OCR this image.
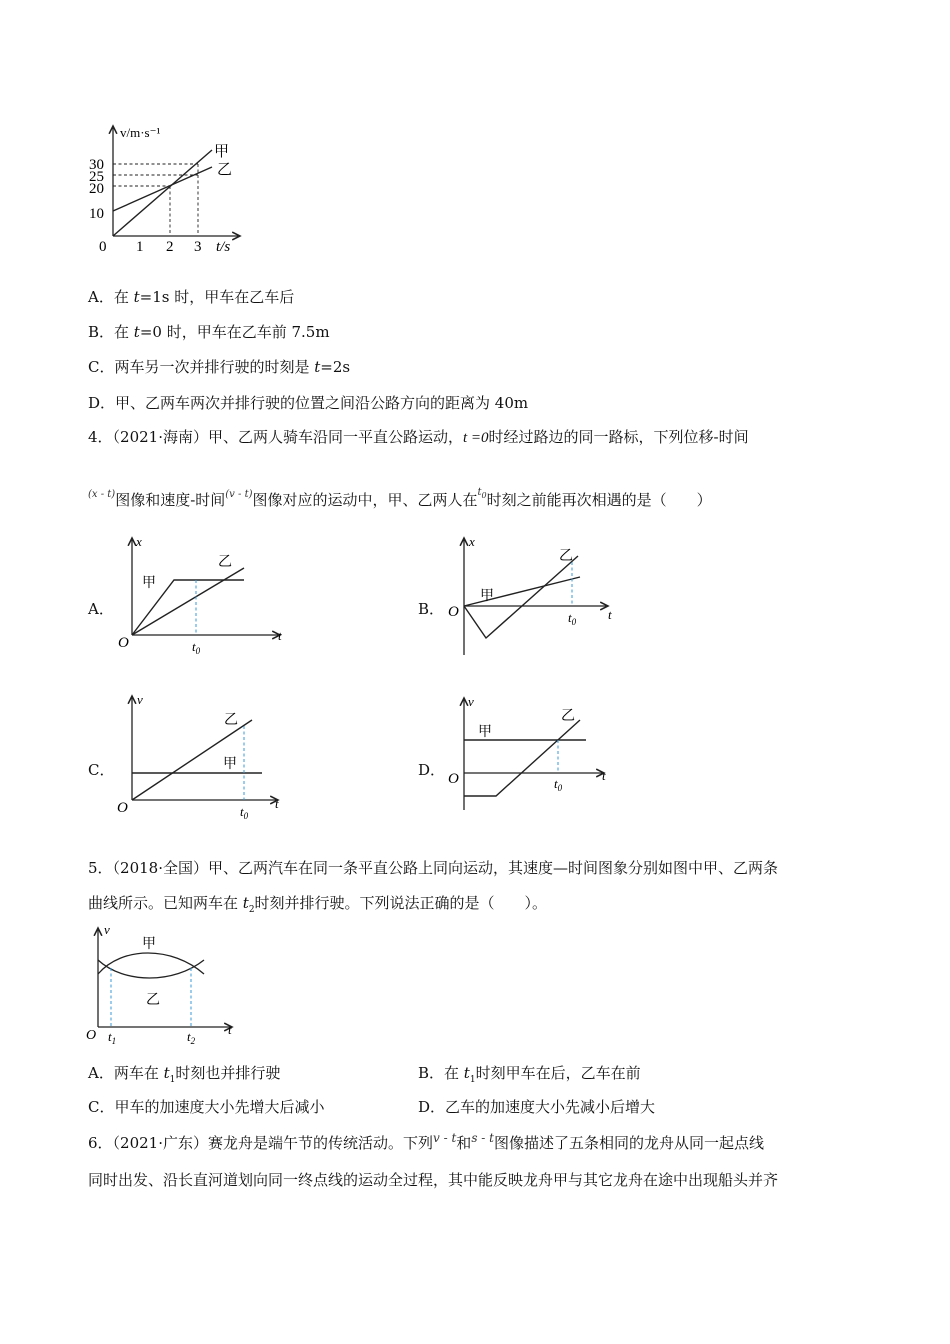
v/m·s⁻¹
30
25
20
10
0 1 2 3 t/s
甲
乙
A．在 t=1s 时，甲车在乙车后
B．在 t=0 时，甲车在乙车前 7.5m
C．两车另一次并排行驶的时刻是 t=2s
D．甲、乙两车两次并排行驶的位置之间沿公路方向的距离为 40m
4．（2021·海南）甲、乙两人骑车沿同一平直公路运动，t =0时经过路边的同一路标，下列位移-时间
$^{(x - t)}$图像和速度-时间$^{(v - t)}$图像对应的运动中，甲、乙两人在$^{t_0}$时刻之前能再次相遇的是（　　）
A．
x
t
O	$t_0$
甲
乙
B．
x
t
O	$t_0$
甲
乙
C．
v
t
O	$t_0$
甲
乙
D．
v
t
O	$t_0$
甲
乙
5．（2018·全国）甲、乙两汽车在同一条平直公路上同向运动，其速度—时间图象分别如图中甲、乙两条
曲线所示。已知两车在 $t_2$时刻并排行驶。下列说法正确的是（　　）。
v
t
O
甲
乙
$t_1$	$t_2$
A．两车在 $t_1$时刻也并排行驶	B．在 $t_1$时刻甲车在后，乙车在前
C．甲车的加速度大小先增大后减小	D．乙车的加速度大小先减小后增大
6．（2021·广东）赛龙舟是端午节的传统活动。下列$^{v - t}$和$^{s - t}$图像描述了五条相同的龙舟从同一起点线
同时出发、沿长直河道划向同一终点线的运动全过程，其中能反映龙舟甲与其它龙舟在途中出现船头并齐
